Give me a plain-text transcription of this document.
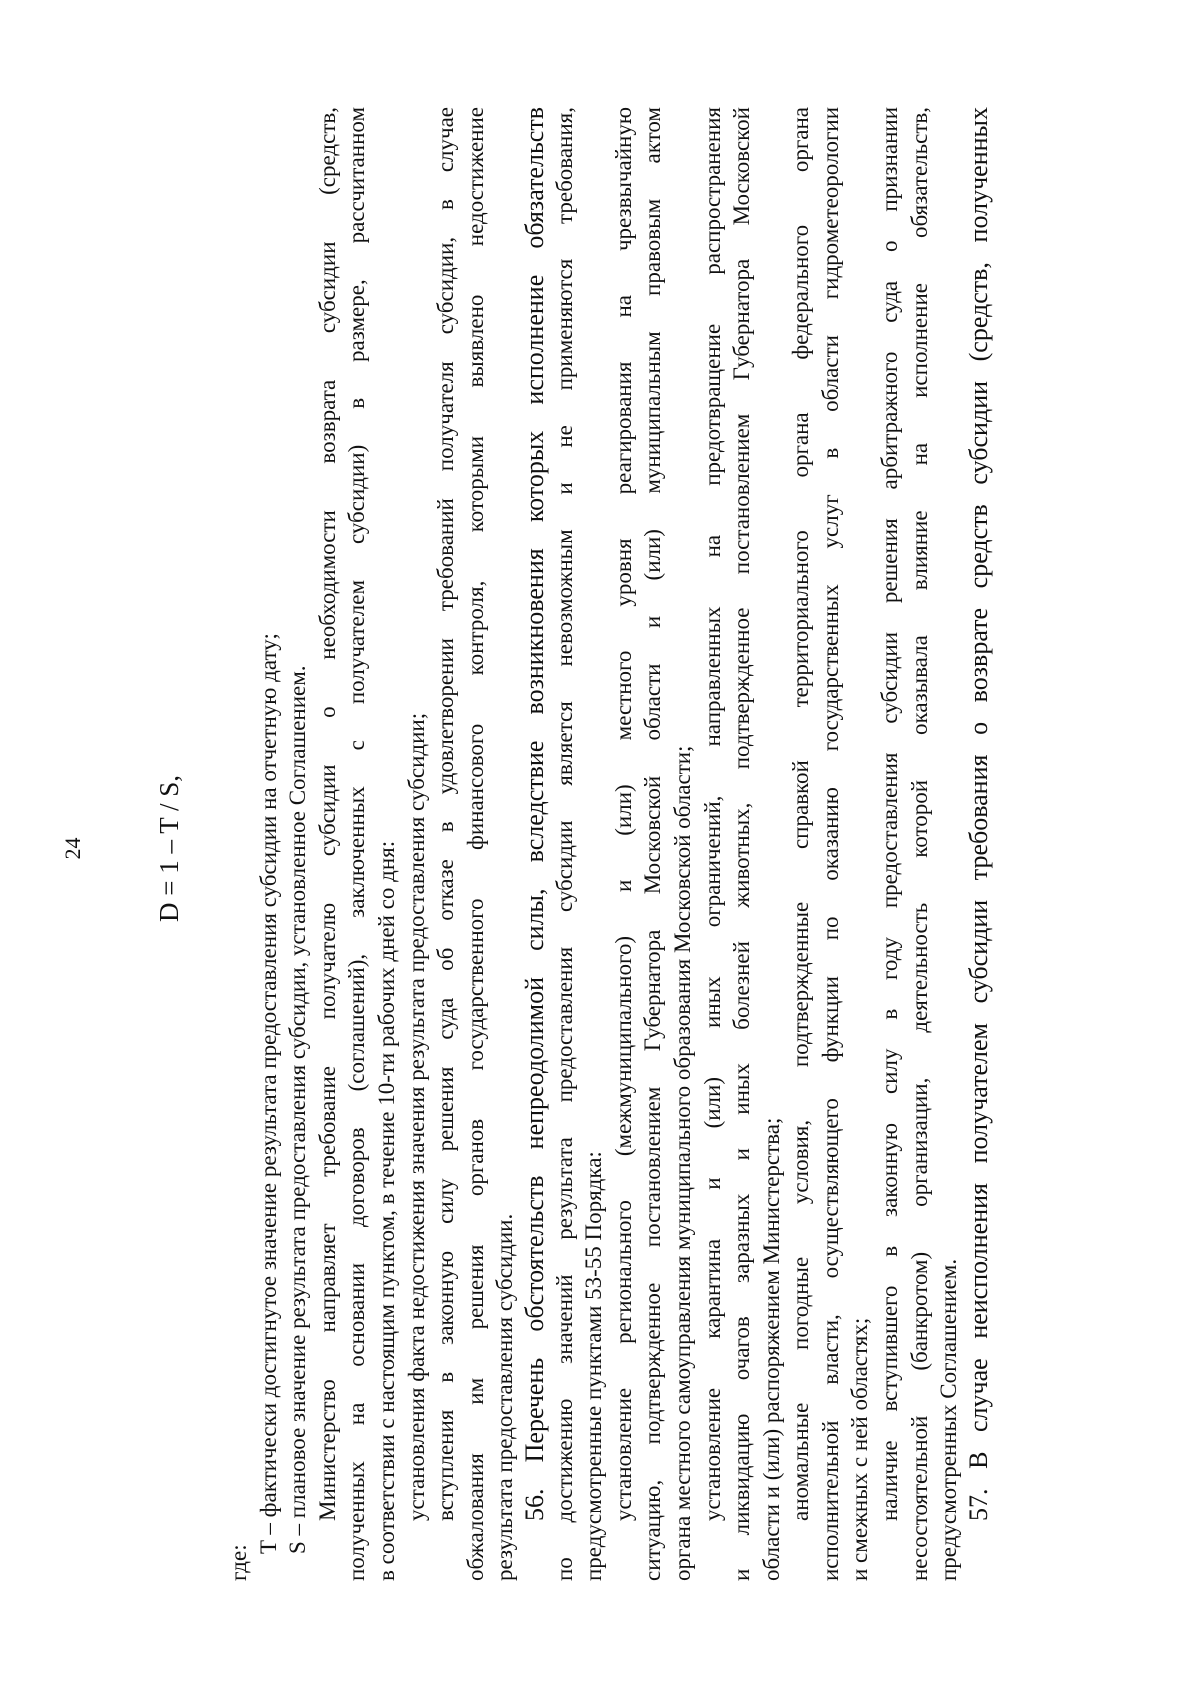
24	D = 1 – T / S,
где:
T – фактически достигнутое значение результата предоставления субсидии на отчетную дату; S – плановое значение результата предоставления субсидии, установленное Соглашением. Министерство направляет требование получателю субсидии о необходимости возврата субсидии (средств, полученных на основании договоров (соглашений), заключенных с получателем субсидии) в размере, рассчитанном в соответствии с настоящим пунктом, в течение 10-ти рабочих дней со дня: установления факта недостижения значения результата предоставления субсидии; вступления в законную силу решения суда об отказе в удовлетворении требований получателя субсидии, в случае обжалования им решения органов государственного финансового контроля, которыми выявлено недостижение результата предоставления субсидии. 56. Перечень обстоятельств непреодолимой силы, вследствие возникновения которых исполнение обязательств по достижению значений результата предоставления субсидии является невозможным и не применяются требования, предусмотренные пунктами 53-55 Порядка: установление регионального (межмуниципального) и (или) местного уровня реагирования на чрезвычайную ситуацию, подтвержденное постановлением Губернатора Московской области и (или) муниципальным правовым актом органа местного самоуправления муниципального образования Московской области; установление карантина и (или) иных ограничений, направленных на предотвращение распространения и ликвидацию очагов заразных и иных болезней животных, подтвержденное постановлением Губернатора Московской области и (или) распоряжением Министерства; аномальные погодные условия, подтвержденные справкой территориального органа федерального органа исполнительной власти, осуществляющего функции по оказанию государственных услуг в области гидрометеорологии и смежных с ней областях; наличие вступившего в законную силу в году предоставления субсидии решения арбитражного суда о признании несостоятельной (банкротом) организации, деятельность которой оказывала влияние на исполнение обязательств, предусмотренных Соглашением. 57. В случае неисполнения получателем субсидии требования о возврате средств субсидии (средств, полученных
